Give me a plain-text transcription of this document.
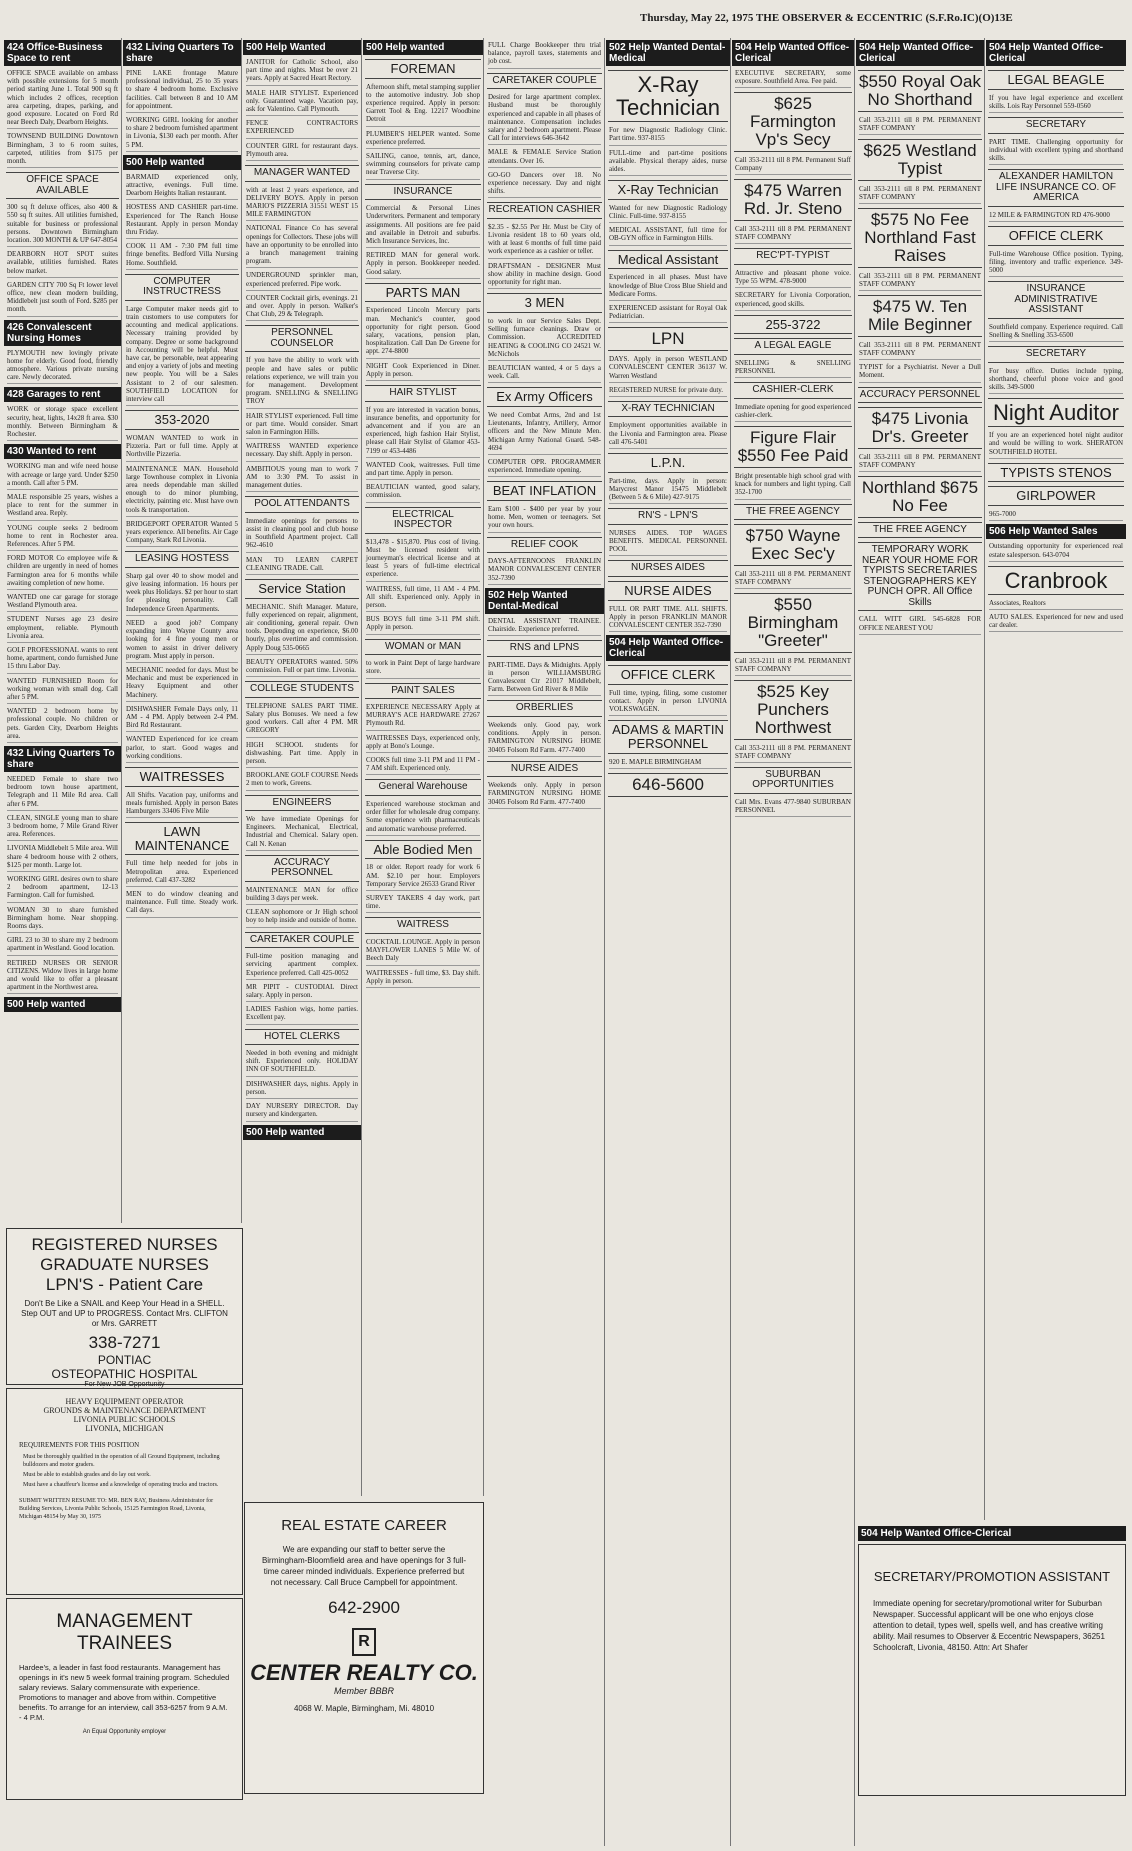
Thursday, May 22, 1975 THE OBSERVER & ECCENTRIC (S.F.Ro.IC)(O)13E
424 Office-Business Space to rent
OFFICE SPACE available on ambass with possible extensions for 5 month period starting June 1. Total 900 sq ft which includes 2 offices, reception area carpeting, drapes, parking, and good exposure. Located on Ford Rd near Beech Daly, Dearborn Heights.
TOWNSEND BUILDING Downtown Birmingham, 3 to 6 room suites, carpeted, utilities from $175 per month.
OFFICE SPACE AVAILABLE
300 sq ft deluxe offices, also 400 & 550 sq ft suites. All utilities furnished, suitable for business or professional persons. Downtown Birmingham location. 300 MONTH & UP 647-8054
DEARBORN HOT SPOT suites available, utilities furnished. Rates below market.
GARDEN CITY 700 Sq Ft lower level office, new clean modern building, Middlebelt just south of Ford. $285 per month.
426 Convalescent Nursing Homes
PLYMOUTH new lovingly private home for elderly. Good food, friendly atmosphere. Various private nursing care. Newly decorated.
428 Garages to rent
WORK or storage space excellent security, heat, lights, 14x28 ft area. $30 monthly. Between Birmingham & Rochester.
430 Wanted to rent
WORKING man and wife need house with acreage or large yard. Under $250 a month. Call after 5 PM.
MALE responsible 25 years, wishes a place to rent for the summer in Westland area. Reply.
YOUNG couple seeks 2 bedroom home to rent in Rochester area. References. After 5 PM.
FORD MOTOR Co employee wife & children are urgently in need of homes Farmington area for 6 months while awaiting completion of new home.
WANTED one car garage for storage Westland Plymouth area.
STUDENT Nurses age 23 desire employment, reliable. Plymouth Livonia area.
GOLF PROFESSIONAL wants to rent home, apartment, condo furnished June 15 thru Labor Day.
WANTED FURNISHED Room for working woman with small dog. Call after 5 PM.
WANTED 2 bedroom home by professional couple. No children or pets. Garden City, Dearborn Heights area.
432 Living Quarters To share
NEEDED Female to share two bedroom town house apartment, Telegraph and 11 Mile Rd area. Call after 6 PM.
CLEAN, SINGLE young man to share 3 bedroom home, 7 Mile Grand River area. References.
LIVONIA Middlebelt 5 Mile area. Will share 4 bedroom house with 2 others, $125 per month. Large lot.
WORKING GIRL desires own to share 2 bedroom apartment, 12-13 Farmington. Call for furnished.
WOMAN 30 to share furnished Birmingham home. Near shopping. Rooms days.
GIRL 23 to 30 to share my 2 bedroom apartment in Westland. Good location.
RETIRED NURSES OR SENIOR CITIZENS. Widow lives in large home and would like to offer a pleasant apartment in the Northwest area.
500 Help wanted
432 Living Quarters To share
PINE LAKE frontage Mature professional individual, 25 to 35 years to share 4 bedroom home. Exclusive facilities. Call between 8 and 10 AM for appointment.
WORKING GIRL looking for another to share 2 bedroom furnished apartment in Livonia, $130 each per month. After 5 PM.
500 Help wanted
BARMAID experienced only, attractive, evenings. Full time. Dearborn Heights Italian restaurant.
HOSTESS AND CASHIER part-time. Experienced for The Ranch House Restaurant. Apply in person Monday thru Friday.
COOK 11 AM - 7:30 PM full time fringe benefits. Bedford Villa Nursing Home. Southfield.
COMPUTER INSTRUCTRESS
Large Computer maker needs girl to train customers to use computers for accounting and medical applications. Necessary training provided by company. Degree or some background in Accounting will be helpful. Must have car, be personable, neat appearing and enjoy a variety of jobs and meeting new people. You will be a Sales Assistant to 2 of our salesmen. SOUTHFIELD LOCATION for interview call
353-2020
WOMAN WANTED to work in Pizzeria. Part or full time. Apply at Northville Pizzeria.
MAINTENANCE MAN. Household large Townhouse complex in Livonia area needs dependable man skilled enough to do minor plumbing, electricity, painting etc. Must have own tools & transportation.
BRIDGEPORT OPERATOR Wanted 5 years experience. All benefits. Air Cage Company, Stark Rd Livonia.
LEASING HOSTESS
Sharp gal over 40 to show model and give leasing information. 16 hours per week plus Holidays. $2 per hour to start for pleasing personality. Call Independence Green Apartments.
NEED a good job? Company expanding into Wayne County area looking for 4 fine young men or women to assist in driver delivery program. Must apply in person.
MECHANIC needed for days. Must be Mechanic and must be experienced in Heavy Equipment and other Machinery.
DISHWASHER Female Days only, 11 AM - 4 PM. Apply between 2-4 PM. Bird Rd Restaurant.
WANTED Experienced for ice cream parlor, to start. Good wages and working conditions.
WAITRESSES
All Shifts. Vacation pay, uniforms and meals furnished. Apply in person Bates Hamburgers 33406 Five Mile
LAWN MAINTENANCE
Full time help needed for jobs in Metropolitan area. Experienced preferred. Call 437-3282
MEN to do window cleaning and maintenance. Full time. Steady work. Call days.
500 Help Wanted
JANITOR for Catholic School, also part time and nights. Must be over 21 years. Apply at Sacred Heart Rectory.
MALE HAIR STYLIST. Experienced only. Guaranteed wage. Vacation pay, ask for Valentino. Call Plymouth.
FENCE CONTRACTORS EXPERIENCED
COUNTER GIRL for restaurant days. Plymouth area.
MANAGER WANTED
with at least 2 years experience, and DELIVERY BOYS. Apply in person MARIO'S PIZZERIA 31551 WEST 15 MILE FARMINGTON
NATIONAL Finance Co has several openings for Collectors. These jobs will have an opportunity to be enrolled into a branch management training program.
UNDERGROUND sprinkler man, experienced preferred. Pipe work.
COUNTER Cocktail girls, evenings. 21 and over. Apply in person. Walker's Chat Club, 29 & Telegraph.
PERSONNEL COUNSELOR
If you have the ability to work with people and have sales or public relations experience, we will train you for management. Development program. SNELLING & SNELLING TROY
HAIR STYLIST experienced. Full time or part time. Would consider. Smart salon in Farmington Hills.
WAITRESS WANTED experience necessary. Day shift. Apply in person.
AMBITIOUS young man to work 7 AM to 3:30 PM. To assist in management duties.
POOL ATTENDANTS
Immediate openings for persons to assist in cleaning pool and club house in Southfield Apartment project. Call 962-4610
MAN TO LEARN CARPET CLEANING TRADE. Call.
Service Station
MECHANIC. Shift Manager. Mature, fully experienced on repair, alignment, air conditioning, general repair. Own tools. Depending on experience, $6.00 hourly, plus overtime and commission. Apply Doug 535-0665
BEAUTY OPERATORS wanted. 50% commission. Full or part time. Livonia.
COLLEGE STUDENTS
TELEPHONE SALES PART TIME. Salary plus Bonuses. We need a few good workers. Call after 4 PM. MR GREGORY
HIGH SCHOOL students for dishwashing. Part time. Apply in person.
BROOKLANE GOLF COURSE Needs 2 men to work, Greens.
ENGINEERS
We have immediate Openings for Engineers. Mechanical, Electrical, Industrial and Chemical. Salary open. Call N. Kenan
ACCURACY PERSONNEL
MAINTENANCE MAN for office building 3 days per week.
CLEAN sophomore or Jr High school boy to help inside and outside of home.
CARETAKER COUPLE
Full-time position managing and servicing apartment complex. Experience preferred. Call 425-0052
MR PIPIT - CUSTODIAL Direct salary. Apply in person.
LADIES Fashion wigs, home parties. Excellent pay.
HOTEL CLERKS
Needed in both evening and midnight shift. Experienced only. HOLIDAY INN OF SOUTHFIELD.
DISHWASHER days, nights. Apply in person.
DAY NURSERY DIRECTOR. Day nursery and kindergarten.
500 Help wanted
500 Help wanted
FOREMAN
Afternoon shift, metal stamping supplier to the automotive industry. Job shop experience required. Apply in person: Garrett Tool & Eng. 12217 Woodbine Detroit
PLUMBER'S HELPER wanted. Some experience preferred.
SAILING, canoe, tennis, art, dance, swimming counselors for private camp near Traverse City.
INSURANCE
Commercial & Personal Lines Underwriters. Permanent and temporary assignments. All positions are fee paid and available in Detroit and suburbs. Mich Insurance Services, Inc.
RETIRED MAN for general work. Apply in person. Bookkeeper needed. Good salary.
PARTS MAN
Experienced Lincoln Mercury parts man. Mechanic's counter, good opportunity for right person. Good salary, vacations, pension plan, hospitalization. Call Dan De Greene for appt. 274-8800
NIGHT Cook Experienced in Diner. Apply in person.
HAIR STYLIST
If you are interested in vacation bonus, insurance benefits, and opportunity for advancement and if you are an experienced, high fashion Hair Stylist, please call Hair Stylist of Glamor 453-7199 or 453-4486
WANTED Cook, waitresses. Full time and part time. Apply in person.
BEAUTICIAN wanted, good salary, commission.
ELECTRICAL INSPECTOR
$13,478 - $15,870. Plus cost of living. Must be licensed resident with journeyman's electrical license and at least 5 years of full-time electrical experience.
WAITRESS, full time, 11 AM - 4 PM. All shift. Experienced only. Apply in person.
BUS BOYS full time 3-11 PM shift. Apply in person.
WOMAN or MAN
to work in Paint Dept of large hardware store.
PAINT SALES
EXPERIENCE NECESSARY Apply at MURRAY'S ACE HARDWARE 27267 Plymouth Rd.
WAITRESSES Days, experienced only, apply at Bono's Lounge.
COOKS full time 3-11 PM and 11 PM - 7 AM shift. Experienced only.
General Warehouse
Experienced warehouse stockman and order filler for wholesale drug company. Some experience with pharmaceuticals and automatic warehouse preferred.
Able Bodied Men
18 or older. Report ready for work 6 AM. $2.10 per hour. Employers Temporary Service 26533 Grand River
SURVEY TAKERS 4 day work, part time.
WAITRESS
COCKTAIL LOUNGE. Apply in person MAYFLOWER LANES 5 Mile W. of Beech Daly
WAITRESSES - full time, $3. Day shift. Apply in person.
FULL Charge Bookkeeper thru trial balance, payroll taxes, statements and job cost.
CARETAKER COUPLE
Desired for large apartment complex. Husband must be thoroughly experienced and capable in all phases of maintenance. Compensation includes salary and 2 bedroom apartment. Please Call for interviews 646-3642
MALE & FEMALE Service Station attendants. Over 16.
GO-GO Dancers over 18. No experience necessary. Day and night shifts.
RECREATION CASHIER
$2.35 - $2.55 Per Hr. Must be City of Livonia resident 18 to 60 years old, with at least 6 months of full time paid work experience as a cashier or teller.
DRAFTSMAN - DESIGNER Must show ability in machine design. Good opportunity for right man.
3 MEN
to work in our Service Sales Dept. Selling furnace cleanings. Draw or Commission. ACCREDITED HEATING & COOLING CO 24521 W. McNichols
BEAUTICIAN wanted, 4 or 5 days a week. Call.
Ex Army Officers
We need Combat Arms, 2nd and 1st Lieutenants, Infantry, Artillery, Armor officers and the New Minute Men. Michigan Army National Guard. 548-4694
COMPUTER OPR. PROGRAMMER experienced. Immediate opening.
BEAT INFLATION
Earn $100 - $400 per year by your home. Men, women or teenagers. Set your own hours.
RELIEF COOK
DAYS-AFTERNOONS FRANKLIN MANOR CONVALESCENT CENTER 352-7390
502 Help Wanted Dental-Medical
DENTAL ASSISTANT TRAINEE. Chairside. Experience preferred.
RNS and LPNS
PART-TIME. Days & Midnights. Apply in person WILLIAMSBURG Convalescent Ctr 21017 Middlebelt, Farm. Between Grd River & 8 Mile
ORBERLIES
Weekends only. Good pay, work conditions. Apply in person. FARMINGTON NURSING HOME 30405 Folsom Rd Farm. 477-7400
NURSE AIDES
Weekends only. Apply in person FARMINGTON NURSING HOME 30405 Folsom Rd Farm. 477-7400
502 Help Wanted Dental-Medical
X-Ray Technician
For new Diagnostic Radiology Clinic. Part time. 937-8155
FULL-time and part-time positions available. Physical therapy aides, nurse aides.
X-Ray Technician
Wanted for new Diagnostic Radiology Clinic. Full-time. 937-8155
MEDICAL ASSISTANT, full time for OB-GYN office in Farmington Hills.
Medical Assistant
Experienced in all phases. Must have knowledge of Blue Cross Blue Shield and Medicare Forms.
EXPERIENCED assistant for Royal Oak Pediatrician.
LPN
DAYS. Apply in person WESTLAND CONVALESCENT CENTER 36137 W. Warren Westland
REGISTERED NURSE for private duty.
X-RAY TECHNICIAN
Employment opportunities available in the Livonia and Farmington area. Please call 476-5401
L.P.N.
Part-time, days. Apply in person: Marycrest Manor 15475 Middlebelt (Between 5 & 6 Mile) 427-9175
RN'S - LPN'S
NURSES AIDES. TOP WAGES BENEFITS. MEDICAL PERSONNEL POOL
NURSES AIDES
NURSE AIDES
FULL OR PART TIME. ALL SHIFTS. Apply in person FRANKLIN MANOR CONVALESCENT CENTER 352-7390
504 Help Wanted Office-Clerical
OFFICE CLERK
Full time, typing, filing, some customer contact. Apply in person LIVONIA VOLKSWAGEN.
ADAMS & MARTIN PERSONNEL
920 E. MAPLE BIRMINGHAM
646-5600
504 Help Wanted Office-Clerical
EXECUTIVE SECRETARY, some exposure. Southfield Area. Fee paid.
$625 Farmington Vp's Secy
Call 353-2111 till 8 PM. Permanent Staff Company
$475 Warren Rd. Jr. Steno
Call 353-2111 till 8 PM. PERMANENT STAFF COMPANY
REC'PT-TYPIST
Attractive and pleasant phone voice. Type 55 WPM. 478-9000
SECRETARY for Livonia Corporation, experienced, good skills.
255-3722
A LEGAL EAGLE
SNELLING & SNELLING PERSONNEL
CASHIER-CLERK
Immediate opening for good experienced cashier-clerk.
Figure Flair $550 Fee Paid
Bright presentable high school grad with knack for numbers and light typing. Call 352-1700
THE FREE AGENCY
$750 Wayne Exec Sec'y
Call 353-2111 till 8 PM. PERMANENT STAFF COMPANY
$550 Birmingham "Greeter"
Call 353-2111 till 8 PM. PERMANENT STAFF COMPANY
$525 Key Punchers Northwest
Call 353-2111 till 8 PM. PERMANENT STAFF COMPANY
SUBURBAN OPPORTUNITIES
Call Mrs. Evans 477-9840 SUBURBAN PERSONNEL
504 Help Wanted Office-Clerical
$550 Royal Oak No Shorthand
Call 353-2111 till 8 PM. PERMANENT STAFF COMPANY
$625 Westland Typist
Call 353-2111 till 8 PM. PERMANENT STAFF COMPANY
$575 No Fee Northland Fast Raises
Call 353-2111 till 8 PM. PERMANENT STAFF COMPANY
$475 W. Ten Mile Beginner
Call 353-2111 till 8 PM. PERMANENT STAFF COMPANY
TYPIST for a Psychiatrist. Never a Dull Moment.
ACCURACY PERSONNEL
$475 Livonia Dr's. Greeter
Call 353-2111 till 8 PM. PERMANENT STAFF COMPANY
Northland $675 No Fee
THE FREE AGENCY
TEMPORARY WORK NEAR YOUR HOME FOR TYPISTS SECRETARIES STENOGRAPHERS KEY PUNCH OPR. All Office Skills
CALL WITT GIRL 545-6828 FOR OFFICE NEAREST YOU
504 Help Wanted Office-Clerical
LEGAL BEAGLE
If you have legal experience and excellent skills. Lois Ray Personnel 559-0560
SECRETARY
PART TIME. Challenging opportunity for individual with excellent typing and shorthand skills.
ALEXANDER HAMILTON LIFE INSURANCE CO. OF AMERICA
12 MILE & FARMINGTON RD 476-9000
OFFICE CLERK
Full-time Warehouse Office position. Typing, filing, inventory and traffic experience. 349-5000
INSURANCE ADMINISTRATIVE ASSISTANT
Southfield company. Experience required. Call Snelling & Snelling 353-6500
SECRETARY
For busy office. Duties include typing, shorthand, cheerful phone voice and good skills. 349-5000
Night Auditor
If you are an experienced hotel night auditor and would be willing to work. SHERATON SOUTHFIELD HOTEL
TYPISTS STENOS
GIRLPOWER
965-7000
506 Help Wanted Sales
Outstanding opportunity for experienced real estate salesperson. 643-0704
Cranbrook
Associates, Realtors
AUTO SALES. Experienced for new and used car dealer.
REGISTERED NURSES
GRADUATE NURSES
LPN'S - Patient Care
Don't Be Like a SNAIL and Keep Your Head in a SHELL. Step OUT and UP to PROGRESS. Contact Mrs. CLIFTON or Mrs. GARRETT
338-7271
PONTIAC
OSTEOPATHIC HOSPITAL
For New JOB Opportunity
HEAVY EQUIPMENT OPERATOR
GROUNDS & MAINTENANCE DEPARTMENT
LIVONIA PUBLIC SCHOOLS
LIVONIA, MICHIGAN
REQUIREMENTS FOR THIS POSITION
Must be thoroughly qualified in the operation of all Ground Equipment, including bulldozers and motor graders.
Must be able to establish grades and do lay out work.
Must have a chauffeur's license and a knowledge of operating trucks and tractors.
SUBMIT WRITTEN RESUME TO: MR. BEN RAY, Business Administrator for Building Services, Livonia Public Schools, 15125 Farmington Road, Livonia, Michigan 48154 by May 30, 1975
MANAGEMENT TRAINEES
Hardee's, a leader in fast food restaurants. Management has openings in it's new 5 week formal training program. Scheduled salary reviews. Salary commensurate with experience. Promotions to manager and above from within. Competitive benefits. To arrange for an interview, call 353-6257 from 9 A.M. - 4 P.M.
An Equal Opportunity employer
REAL ESTATE CAREER
We are expanding our staff to better serve the Birmingham-Bloomfield area and have openings for 3 full-time career minded individuals. Experience preferred but not necessary. Call Bruce Campbell for appointment.
642-2900
R
CENTER REALTY CO.
Member BBBR
4068 W. Maple, Birmingham, Mi. 48010
504 Help Wanted Office-Clerical
SECRETARY/PROMOTION ASSISTANT
Immediate opening for secretary/promotional writer for Suburban Newspaper. Successful applicant will be one who enjoys close attention to detail, types well, spells well, and has creative writing ability. Mail resumes to Observer & Eccentric Newspapers, 36251 Schoolcraft, Livonia, 48150. Attn: Art Shafer
